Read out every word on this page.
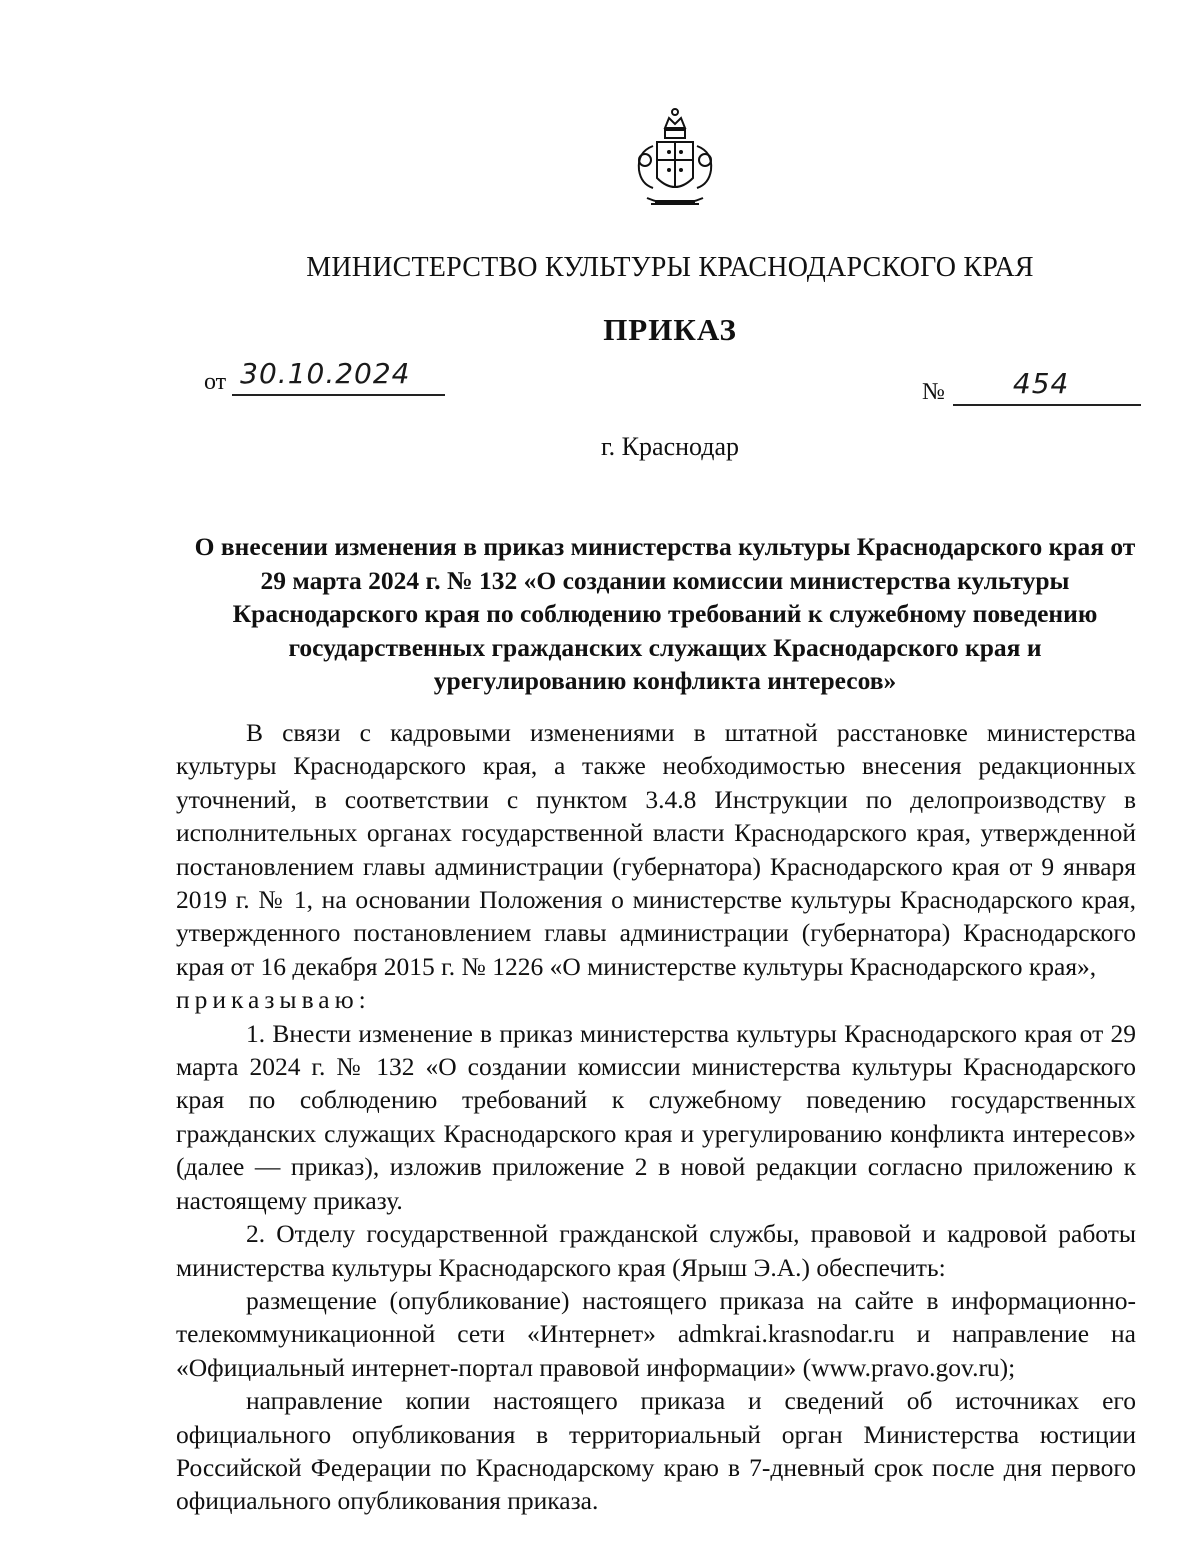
МИНИСТЕРСТВО КУЛЬТУРЫ КРАСНОДАРСКОГО КРАЯ
ПРИКАЗ
от 30.10.2024
№	454
г. Краснодар
О внесении изменения в приказ министерства культуры Краснодарского края от 29 марта 2024 г. № 132 «О создании комиссии министерства культуры Краснодарского края по соблюдению требований к служебному поведению государственных гражданских служащих Краснодарского края и урегулированию конфликта интересов»

В связи с кадровыми изменениями в штатной расстановке министерства культуры Краснодарского края, а также необходимостью внесения редакционных уточнений, в соответствии с пунктом 3.4.8 Инструкции по делопроизводству в исполнительных органах государственной власти Краснодарского края, утвержденной постановлением главы администрации (губернатора) Краснодарского края от 9 января 2019 г. № 1, на основании Положения о министерстве культуры Краснодарского края, утвержденного постановлением главы администрации (губернатора) Краснодарского края от 16 декабря 2015 г. № 1226 «О министерстве культуры Краснодарского края»,

приказываю:

1. Внести изменение в приказ министерства культуры Краснодарского края от 29 марта 2024 г. № 132 «О создании комиссии министерства культуры Краснодарского края по соблюдению требований к служебному поведению государственных гражданских служащих Краснодарского края и урегулированию конфликта интересов» (далее — приказ), изложив приложение 2 в новой редакции согласно приложению к настоящему приказу.

2. Отделу государственной гражданской службы, правовой и кадровой работы министерства культуры Краснодарского края (Ярыш Э.А.) обеспечить:

размещение (опубликование) настоящего приказа на сайте в информационно-телекоммуникационной сети «Интернет» admkrai.krasnodar.ru и направление на «Официальный интернет-портал правовой информации» (www.pravo.gov.ru);

направление копии настоящего приказа и сведений об источниках его официального опубликования в территориальный орган Министерства юстиции Российской Федерации по Краснодарскому краю в 7-дневный срок после дня первого официального опубликования приказа.
